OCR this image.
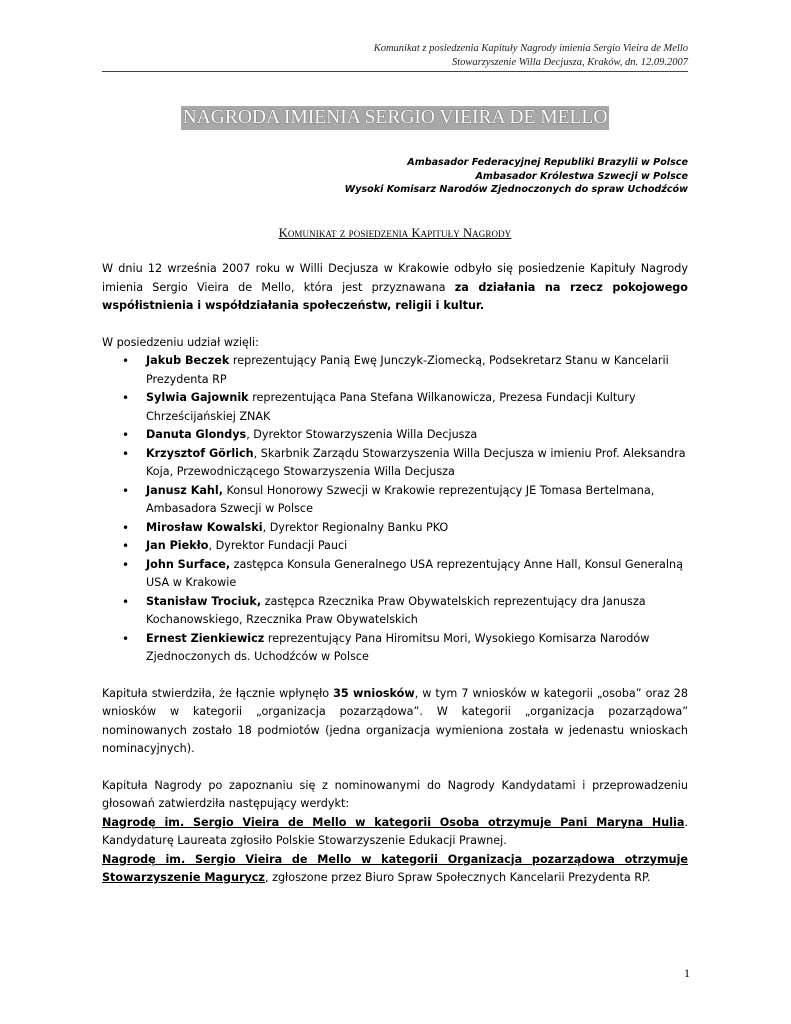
Komunikat z posiedzenia Kapituły Nagrody imienia Sergio Vieira de Mello
Stowarzyszenie Willa Decjusza, Kraków, dn. 12.09.2007
NAGRODA IMIENIA SERGIO VIEIRA DE MELLO
Ambasador Federacyjnej Republiki Brazylii w Polsce
Ambasador Królestwa Szwecji w Polsce
Wysoki Komisarz Narodów Zjednoczonych do spraw Uchodźców
Komunikat z posiedzenia Kapituły Nagrody

W dniu 12 września 2007 roku w Willi Decjusza w Krakowie odbyło się posiedzenie Kapituły Nagrody imienia Sergio Vieira de Mello, która jest przyznawana za działania na rzecz pokojowego współistnienia i współdziałania społeczeństw, religii i kultur.

W posiedzeniu udział wzięli:

• Jakub Beczek reprezentujący Panią Ewę Junczyk-Ziomecką, Podsekretarz Stanu w Kancelarii Prezydenta RP
• Sylwia Gajownik reprezentująca Pana Stefana Wilkanowicza, Prezesa Fundacji Kultury Chrześcijańskiej ZNAK
• Danuta Glondys, Dyrektor Stowarzyszenia Willa Decjusza
• Krzysztof Görlich, Skarbnik Zarządu Stowarzyszenia Willa Decjusza w imieniu Prof. Aleksandra Koja, Przewodniczącego Stowarzyszenia Willa Decjusza
• Janusz Kahl, Konsul Honorowy Szwecji w Krakowie reprezentujący JE Tomasa Bertelmana, Ambasadora Szwecji w Polsce
• Mirosław Kowalski, Dyrektor Regionalny Banku PKO
• Jan Piekło, Dyrektor Fundacji Pauci
• John Surface, zastępca Konsula Generalnego USA reprezentujący Anne Hall, Konsul Generalną USA w Krakowie
• Stanisław Trociuk, zastępca Rzecznika Praw Obywatelskich reprezentujący dra Janusza Kochanowskiego, Rzecznika Praw Obywatelskich
• Ernest Zienkiewicz reprezentujący Pana Hiromitsu Mori, Wysokiego Komisarza Narodów Zjednoczonych ds. Uchodźców w Polsce

Kapituła stwierdziła, że łącznie wpłynęło 35 wniosków, w tym 7 wniosków w kategorii „osoba” oraz 28 wniosków w kategorii „organizacja pozarządowa”. W kategorii „organizacja pozarządowa” nominowanych zostało 18 podmiotów (jedna organizacja wymieniona została w jedenastu wnioskach nominacyjnych).

Kapituła Nagrody po zapoznaniu się z nominowanymi do Nagrody Kandydatami i przeprowadzeniu głosowań zatwierdziła następujący werdykt:

Nagrodę im. Sergio Vieira de Mello w kategorii Osoba otrzymuje Pani Maryna Hulia. Kandydaturę Laureata zgłosiło Polskie Stowarzyszenie Edukacji Prawnej.

Nagrodę im. Sergio Vieira de Mello w kategorii Organizacja pozarządowa otrzymuje Stowarzyszenie Magurycz, zgłoszone przez Biuro Spraw Społecznych Kancelarii Prezydenta RP.

1
